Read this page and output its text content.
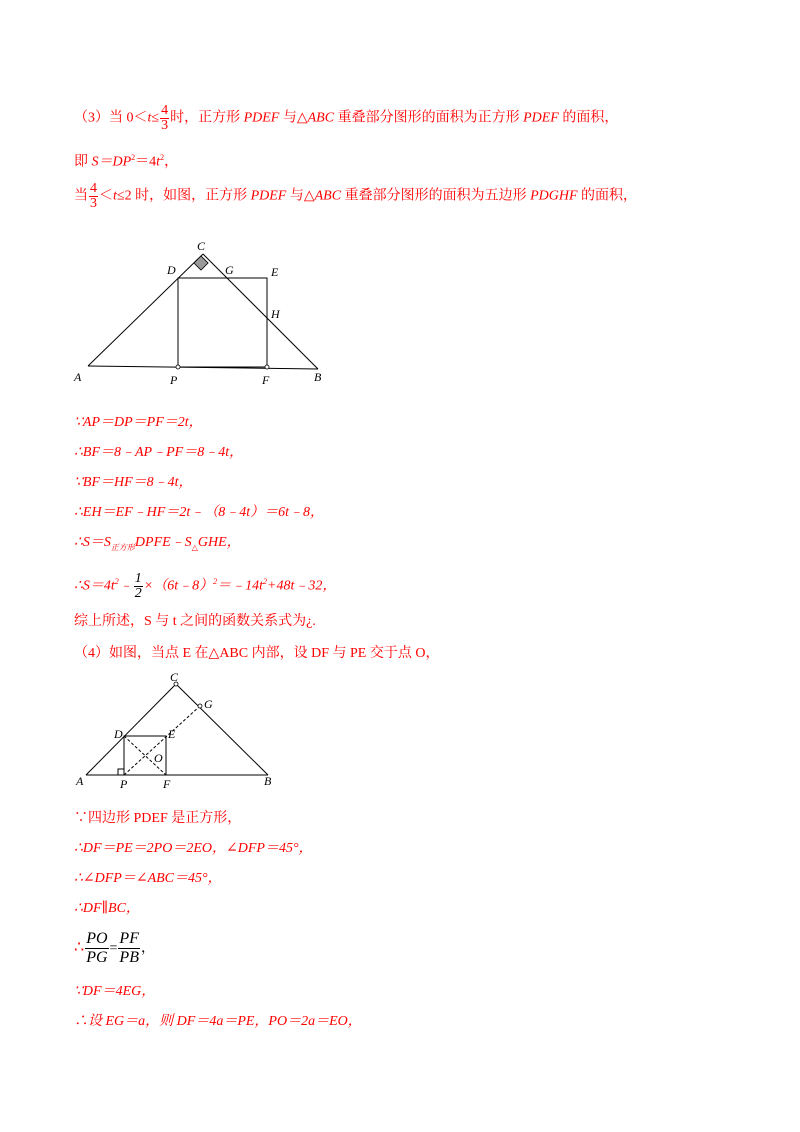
（3）当 $0<t\le \frac{4}{3}$ 时，正方形 PDEF 与△ABC 重叠部分图形的面积为正方形 PDEF 的面积，
即 $S=DP^2=4t^2$，
当 $\frac{4}{3} <t\le 2$ 时，如图，正方形 PDEF 与△ABC 重叠部分图形的面积为五边形 PDGHF 的面积，
C
D	G	E
H
A	P	F	B
∵AP＝DP＝PF＝2t，
∴BF＝8﹣AP﹣PF＝8﹣4t，
∵BF＝HF＝8﹣4t，
∴EH＝EF﹣HF＝2t﹣（8﹣4t）＝6t﹣8，
$\therefore S=S_{正方形}DPFE﹣S_\triangle GHE$，
$\therefore S=4t^2﹣ \frac{1}{2}$ $\times(6t﹣8)^2=﹣14t^2+48t﹣32$，
综上所述，S 与 t 之间的函数关系式为¿.
（4）如图，当点 E 在△ABC 内部，设 DF 与 PE 交于点 O，
C
G
D	E
O
A	P	F	B
∵四边形 PDEF 是正方形，
∴DF＝PE＝2PO＝2EO，∠DFP＝45°，
∴∠DFP＝∠ABC＝45°，
∴DF∥BC，
∴ $\frac{PO}{PG} = \frac{PF}{PB}$ ，
∵DF＝4EG，
∴设 EG＝a，则 DF＝4a＝PE，PO＝2a＝EO，
